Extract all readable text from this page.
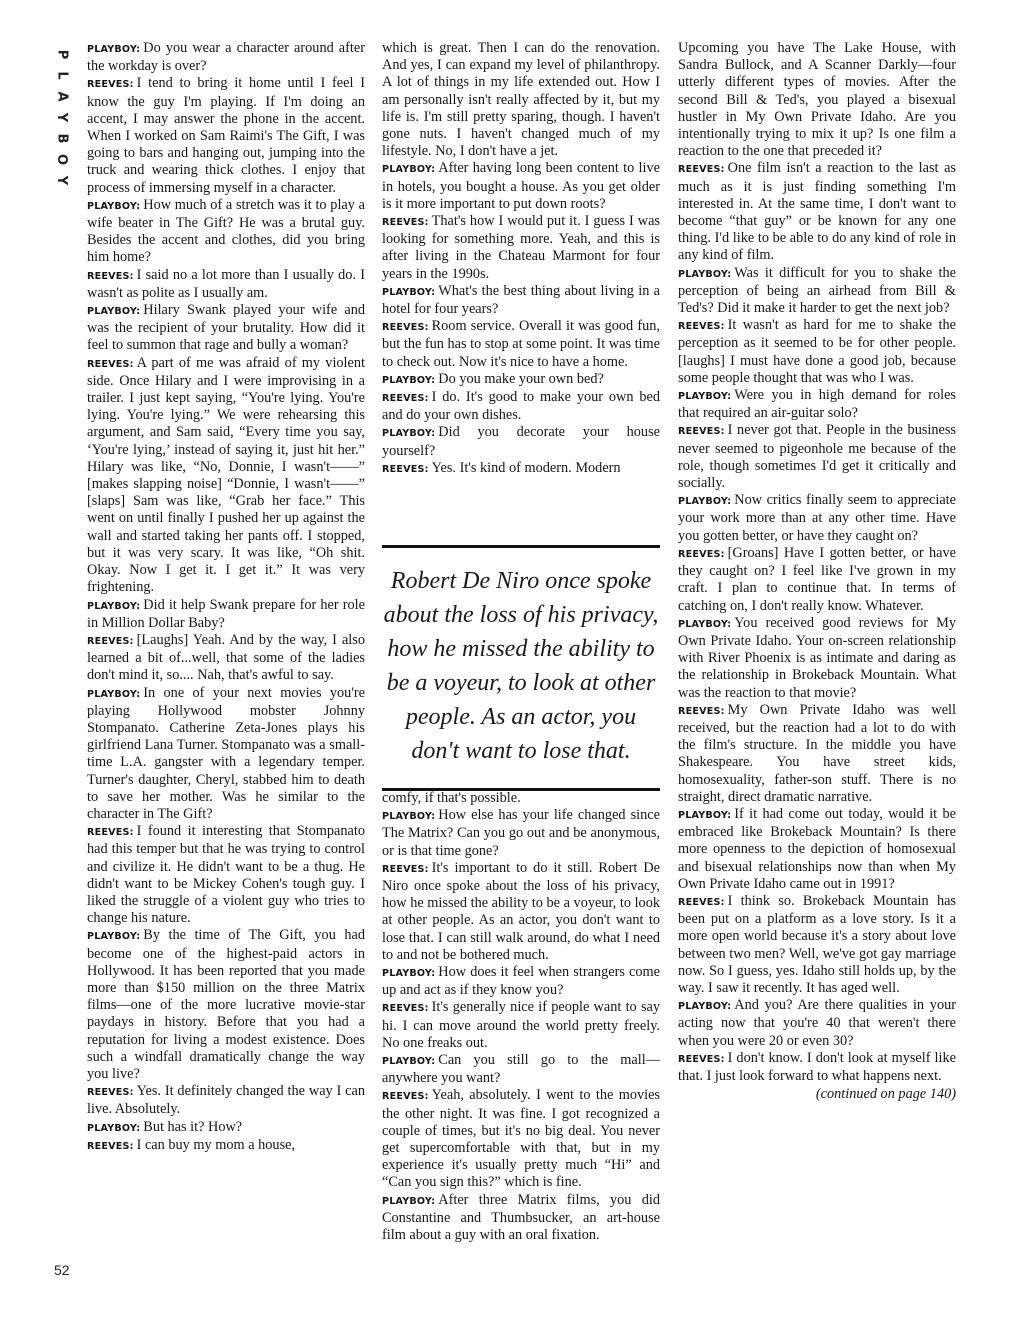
P
L
A
Y
B
O
Y
52

PLAYBOY: Do you wear a character around after the workday is over?

REEVES: I tend to bring it home until I feel I know the guy I'm playing. If I'm doing an accent, I may answer the phone in the accent. When I worked on Sam Raimi's The Gift, I was going to bars and hanging out, jumping into the truck and wearing thick clothes. I enjoy that process of immersing myself in a character.

PLAYBOY: How much of a stretch was it to play a wife beater in The Gift? He was a brutal guy. Besides the accent and clothes, did you bring him home?

REEVES: I said no a lot more than I usually do. I wasn't as polite as I usually am.

PLAYBOY: Hilary Swank played your wife and was the recipient of your brutality. How did it feel to summon that rage and bully a woman?

REEVES: A part of me was afraid of my violent side. Once Hilary and I were improvising in a trailer. I just kept saying, “You're lying. You're lying. You're lying.” We were rehearsing this argument, and Sam said, “Every time you say, ‘You're lying,’ instead of saying it, just hit her.” Hilary was like, “No, Donnie, I wasn't——” [makes slapping noise] “Donnie, I wasn't——” [slaps] Sam was like, “Grab her face.” This went on until finally I pushed her up against the wall and started taking her pants off. I stopped, but it was very scary. It was like, “Oh shit. Okay. Now I get it. I get it.” It was very frightening.

PLAYBOY: Did it help Swank prepare for her role in Million Dollar Baby?

REEVES: [Laughs] Yeah. And by the way, I also learned a bit of...well, that some of the ladies don't mind it, so.... Nah, that's awful to say.

PLAYBOY: In one of your next movies you're playing Hollywood mobster Johnny Stompanato. Catherine Zeta-Jones plays his girlfriend Lana Turner. Stompanato was a small-time L.A. gangster with a legendary temper. Turner's daughter, Cheryl, stabbed him to death to save her mother. Was he similar to the character in The Gift?

REEVES: I found it interesting that Stompanato had this temper but that he was trying to control and civilize it. He didn't want to be a thug. He didn't want to be Mickey Cohen's tough guy. I liked the struggle of a violent guy who tries to change his nature.

PLAYBOY: By the time of The Gift, you had become one of the highest-paid actors in Hollywood. It has been reported that you made more than $150 million on the three Matrix films—one of the more lucrative movie-star paydays in history. Before that you had a reputation for living a modest existence. Does such a windfall dramatically change the way you live?

REEVES: Yes. It definitely changed the way I can live. Absolutely.

PLAYBOY: But has it? How?

REEVES: I can buy my mom a house,

which is great. Then I can do the renovation. And yes, I can expand my level of philanthropy. A lot of things in my life extended out. How I am personally isn't really affected by it, but my life is. I'm still pretty sparing, though. I haven't gone nuts. I haven't changed much of my lifestyle. No, I don't have a jet.

PLAYBOY: After having long been content to live in hotels, you bought a house. As you get older is it more important to put down roots?

REEVES: That's how I would put it. I guess I was looking for something more. Yeah, and this is after living in the Chateau Marmont for four years in the 1990s.

PLAYBOY: What's the best thing about living in a hotel for four years?

REEVES: Room service. Overall it was good fun, but the fun has to stop at some point. It was time to check out. Now it's nice to have a home.

PLAYBOY: Do you make your own bed?

REEVES: I do. It's good to make your own bed and do your own dishes.

PLAYBOY: Did you decorate your house yourself?

REEVES: Yes. It's kind of modern. Modern

comfy, if that's possible.

PLAYBOY: How else has your life changed since The Matrix? Can you go out and be anonymous, or is that time gone?

REEVES: It's important to do it still. Robert De Niro once spoke about the loss of his privacy, how he missed the ability to be a voyeur, to look at other people. As an actor, you don't want to lose that. I can still walk around, do what I need to and not be bothered much.

PLAYBOY: How does it feel when strangers come up and act as if they know you?

REEVES: It's generally nice if people want to say hi. I can move around the world pretty freely. No one freaks out.

PLAYBOY: Can you still go to the mall—anywhere you want?

REEVES: Yeah, absolutely. I went to the movies the other night. It was fine. I got recognized a couple of times, but it's no big deal. You never get supercomfortable with that, but in my experience it's usually pretty much “Hi” and “Can you sign this?” which is fine.

PLAYBOY: After three Matrix films, you did Constantine and Thumbsucker, an art-house film about a guy with an oral fixation.

Upcoming you have The Lake House, with Sandra Bullock, and A Scanner Darkly—four utterly different types of movies. After the second Bill & Ted's, you played a bisexual hustler in My Own Private Idaho. Are you intentionally trying to mix it up? Is one film a reaction to the one that preceded it?

REEVES: One film isn't a reaction to the last as much as it is just finding something I'm interested in. At the same time, I don't want to become “that guy” or be known for any one thing. I'd like to be able to do any kind of role in any kind of film.

PLAYBOY: Was it difficult for you to shake the perception of being an airhead from Bill & Ted's? Did it make it harder to get the next job?

REEVES: It wasn't as hard for me to shake the perception as it seemed to be for other people. [laughs] I must have done a good job, because some people thought that was who I was.

PLAYBOY: Were you in high demand for roles that required an air-guitar solo?

REEVES: I never got that. People in the business never seemed to pigeonhole me because of the role, though sometimes I'd get it critically and socially.

PLAYBOY: Now critics finally seem to appreciate your work more than at any other time. Have you gotten better, or have they caught on?

REEVES: [Groans] Have I gotten better, or have they caught on? I feel like I've grown in my craft. I plan to continue that. In terms of catching on, I don't really know. Whatever.

PLAYBOY: You received good reviews for My Own Private Idaho. Your on-screen relationship with River Phoenix is as intimate and daring as the relationship in Brokeback Mountain. What was the reaction to that movie?

REEVES: My Own Private Idaho was well received, but the reaction had a lot to do with the film's structure. In the middle you have Shakespeare. You have street kids, homosexuality, father-son stuff. There is no straight, direct dramatic narrative.

PLAYBOY: If it had come out today, would it be embraced like Brokeback Mountain? Is there more openness to the depiction of homosexual and bisexual relationships now than when My Own Private Idaho came out in 1991?

REEVES: I think so. Brokeback Mountain has been put on a platform as a love story. Is it a more open world because it's a story about love between two men? Well, we've got gay marriage now. So I guess, yes. Idaho still holds up, by the way. I saw it recently. It has aged well.

PLAYBOY: And you? Are there qualities in your acting now that you're 40 that weren't there when you were 20 or even 30?

REEVES: I don't know. I don't look at myself like that. I just look forward to what happens next.

(continued on page 140)

Robert De Niro once spoke about the loss of his privacy, how he missed the ability to be a voyeur, to look at other people. As an actor, you don't want to lose that.
